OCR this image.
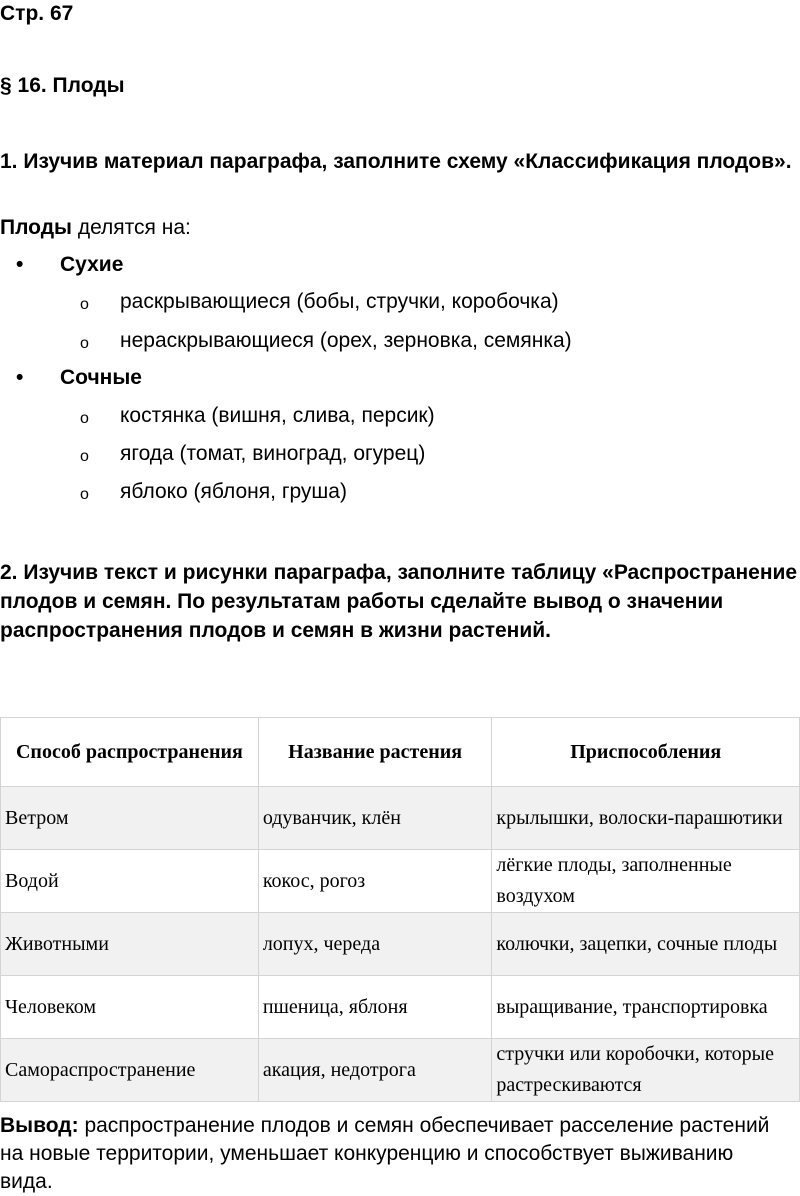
Стр. 67
§ 16. Плоды
1. Изучив материал параграфа, заполните схему «Классификация плодов».
Плоды делятся на:
• Сухие
o раскрывающиеся (бобы, стручки, коробочка)
o нераскрывающиеся (орех, зерновка, семянка)
• Сочные
o костянка (вишня, слива, персик)
o ягода (томат, виноград, огурец)
o яблоко (яблоня, груша)
2. Изучив текст и рисунки параграфа, заполните таблицу «Распространение плодов и семян. По результатам работы сделайте вывод о значении распространения плодов и семян в жизни растений.
Способ распространения	Название растения	Приспособления
Ветром	одуванчик, клён	крылышки, волоски-парашютики
Водой	кокос, рогоз	лёгкие плоды, заполненные воздухом
Животными	лопух, череда	колючки, зацепки, сочные плоды
Человеком	пшеница, яблоня	выращивание, транспортировка
Самораспространение	акация, недотрога	стручки или коробочки, которые растрескиваются
Вывод: распространение плодов и семян обеспечивает расселение растений на новые территории, уменьшает конкуренцию и способствует выживанию вида.
